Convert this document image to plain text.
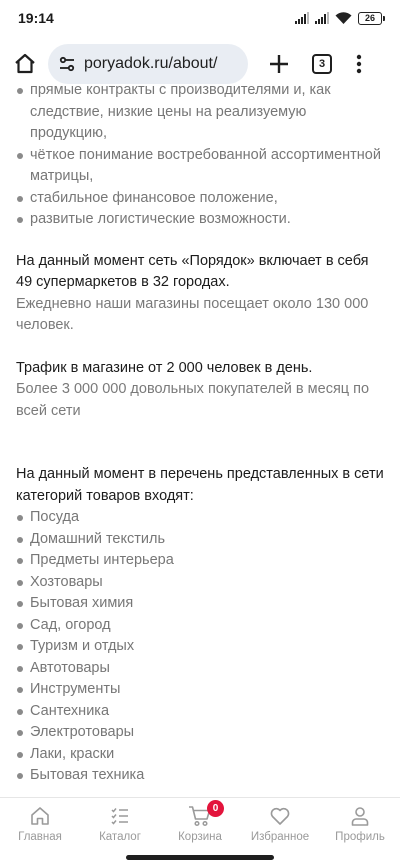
19:14	26
poryadok.ru/about/	3
прямые контракты с производителями и, как следствие, низкие цены на реализуемую продукцию,
чёткое понимание востребованной ассортиментной матрицы,
стабильное финансовое положение,
развитые логистические возможности.

На данный момент сеть «Порядок» включает в себя 49 супермаркетов в 32 городах.

Ежедневно наши магазины посещает около 130 000 человек.

Трафик в магазине от 2 000 человек в день.

Более 3 000 000 довольных покупателей в месяц по всей сети

На данный момент в перечень представленных в сети категорий товаров входят:

Посуда
Домашний текстиль
Предметы интерьера
Хозтовары
Бытовая химия
Сад, огород
Туризм и отдых
Автотовары
Инструменты
Сантехника
Электротовары
Лаки, краски
Бытовая техника
Главная	Каталог
0
Корзина	Избранное Профиль
